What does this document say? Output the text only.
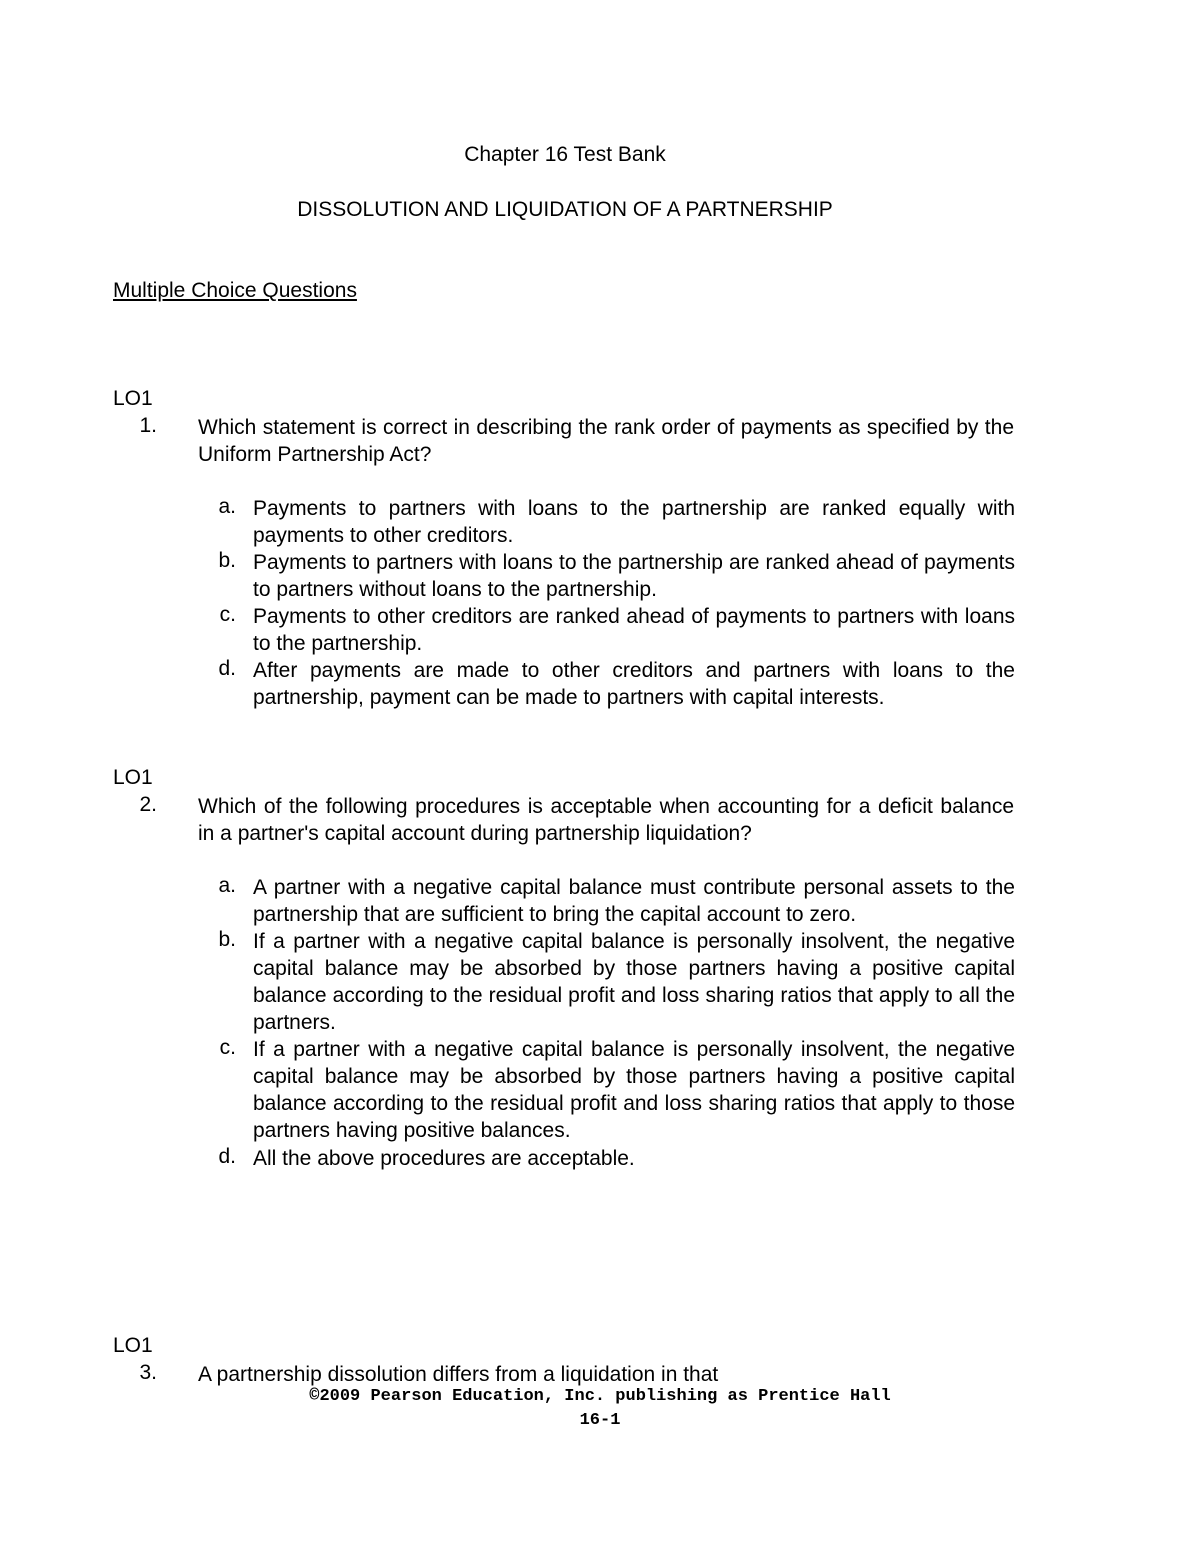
Chapter 16 Test Bank
DISSOLUTION AND LIQUIDATION OF A PARTNERSHIP
Multiple Choice Questions
LO1
1. Which statement is correct in describing the rank order of payments as specified by the Uniform Partnership Act?
a. Payments to partners with loans to the partnership are ranked equally with payments to other creditors.
b. Payments to partners with loans to the partnership are ranked ahead of payments to partners without loans to the partnership.
c. Payments to other creditors are ranked ahead of payments to partners with loans to the partnership.
d. After payments are made to other creditors and partners with loans to the partnership, payment can be made to partners with capital interests.
LO1
2. Which of the following procedures is acceptable when accounting for a deficit balance in a partner's capital account during partnership liquidation?
a. A partner with a negative capital balance must contribute personal assets to the partnership that are sufficient to bring the capital account to zero.
b. If a partner with a negative capital balance is personally insolvent, the negative capital balance may be absorbed by those partners having a positive capital balance according to the residual profit and loss sharing ratios that apply to all the partners.
c. If a partner with a negative capital balance is personally insolvent, the negative capital balance may be absorbed by those partners having a positive capital balance according to the residual profit and loss sharing ratios that apply to those partners having positive balances.
d. All the above procedures are acceptable.
LO1
3. A partnership dissolution differs from a liquidation in that
©2009 Pearson Education, Inc. publishing as Prentice Hall
16-1
